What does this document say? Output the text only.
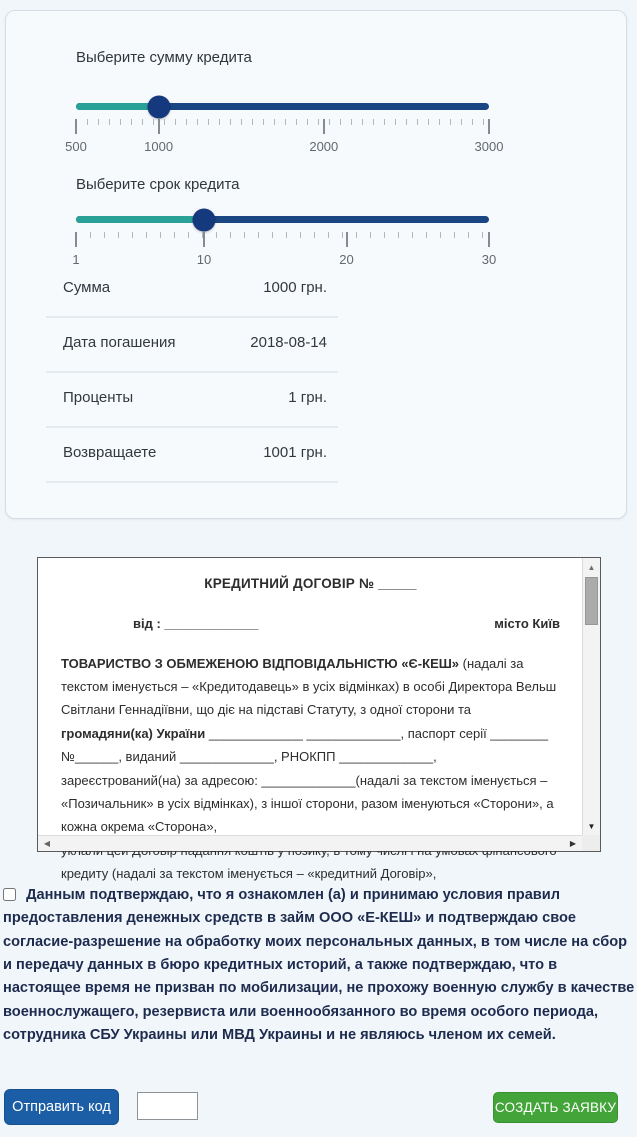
Выберите сумму кредита
500	1000	2000	3000
Выберите срок кредита
1	10	20	30
Сумма	1000 грн.
Дата погашения	2018-08-14
Проценты	1 грн.
Возвращаете	1001 грн.
КРЕДИТНИЙ ДОГОВІР № _____
від : _____________	місто Київ
ТОВАРИСТВО З ОБМЕЖЕНОЮ ВІДПОВІДАЛЬНІСТЮ «Є-КЕШ» (надалі за текстом іменується – «Кредитодавець» в усіх відмінках) в особі Директора Вельш Світлани Геннадіївни, що діє на підставі Статуту, з одної сторони та громадяни(ка) України _____________ _____________, паспорт серії ________ №______, виданий _____________, РНОКПП _____________, зареєстрований(на) за адресою: _____________(надалі за текстом іменується – «Позичальник» в усіх відмінках), з іншої сторони, разом іменуються «Сторони», а кожна окрема «Сторона»,
кредиту (надалі за текстом іменується – «кредитний Договір»,
▲
▼
◀	▶
Данным подтверждаю, что я ознакомлен (а) и принимаю условия правил предоставления денежных средств в займ ООО «Е-КЕШ» и подтверждаю свое согласие-разрешение на обработку моих персональных данных, в том числе на сбор и передачу данных в бюро кредитных историй, а также подтверждаю, что в настоящее время не призван по мобилизации, не прохожу военную службу в качестве военнослужащего, резервиста или военнообязанного во время особого периода, сотрудника СБУ Украины или МВД Украины и не являюсь членом их семей.
Отправить код	СОЗДАТЬ ЗАЯВКУ
